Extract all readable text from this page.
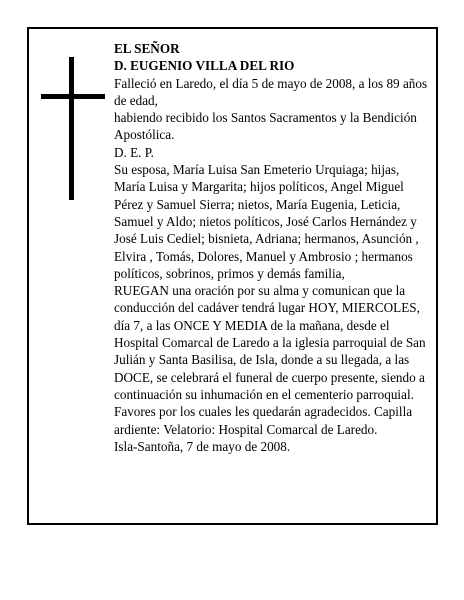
EL SEÑOR

D. EUGENIO VILLA DEL RIO

Falleció en Laredo, el día 5 de mayo de 2008, a los 89 años de edad,

habiendo recibido los Santos Sacramentos y la Bendición Apostólica.

D. E. P.

Su esposa, María Luisa San Emeterio Urquiaga; hijas, María Luisa y Margarita; hijos políticos, Angel Miguel Pérez y Samuel Sierra; nietos, María Eugenia, Leticia, Samuel y Aldo; nietos políticos, José Carlos Hernández y José Luis Cediel; bisnieta, Adriana; hermanos, Asunción , Elvira , Tomás, Dolores, Manuel y Ambrosio ; hermanos políticos, sobrinos, primos y demás familia,

RUEGAN una oración por su alma y comunican que la conducción del cadáver tendrá lugar HOY, MIERCOLES, día 7, a las ONCE Y MEDIA de la mañana, desde el Hospital Comarcal de Laredo a la iglesia parroquial de San Julián y Santa Basilisa, de Isla, donde a su llegada, a las DOCE, se celebrará el funeral de cuerpo presente, siendo a continuación su inhumación en el cementerio parroquial. Favores por los cuales les quedarán agradecidos. Capilla ardiente: Velatorio: Hospital Comarcal de Laredo.

Isla-Santoña, 7 de mayo de 2008.
